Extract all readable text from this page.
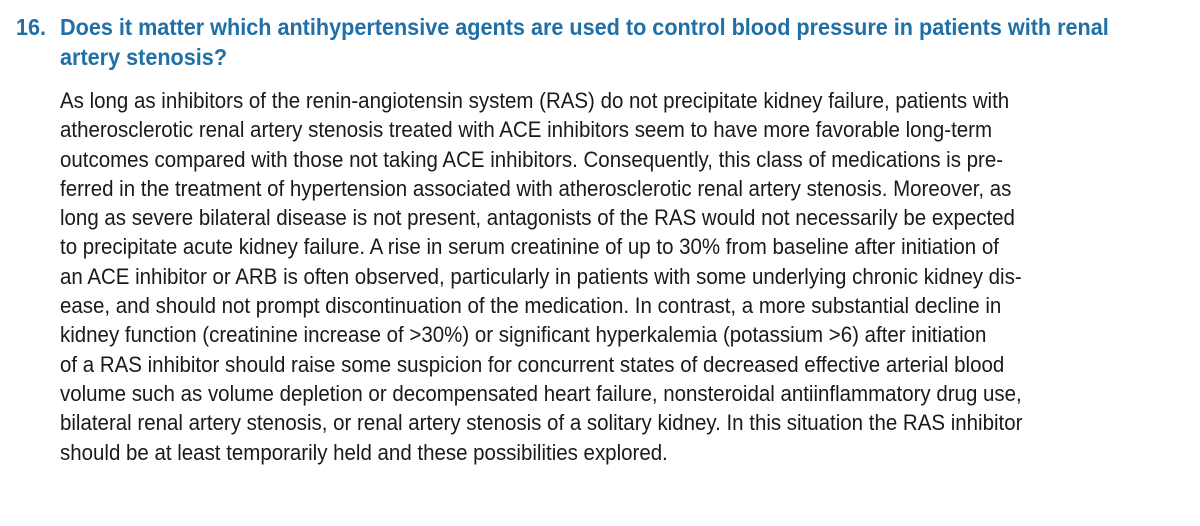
16. Does it matter which antihypertensive agents are used to control blood pressure in patients with renal artery stenosis?
As long as inhibitors of the renin-angiotensin system (RAS) do not precipitate kidney failure, patients with
atherosclerotic renal artery stenosis treated with ACE inhibitors seem to have more favorable long-term
outcomes compared with those not taking ACE inhibitors. Consequently, this class of medications is pre-
ferred in the treatment of hypertension associated with atherosclerotic renal artery stenosis. Moreover, as
long as severe bilateral disease is not present, antagonists of the RAS would not necessarily be expected
to precipitate acute kidney failure. A rise in serum creatinine of up to 30% from baseline after initiation of
an ACE inhibitor or ARB is often observed, particularly in patients with some underlying chronic kidney dis-
ease, and should not prompt discontinuation of the medication. In contrast, a more substantial decline in
kidney function (creatinine increase of >30%) or significant hyperkalemia (potassium >6) after initiation
of a RAS inhibitor should raise some suspicion for concurrent states of decreased effective arterial blood
volume such as volume depletion or decompensated heart failure, nonsteroidal antiinflammatory drug use,
bilateral renal artery stenosis, or renal artery stenosis of a solitary kidney. In this situation the RAS inhibitor
should be at least temporarily held and these possibilities explored.
